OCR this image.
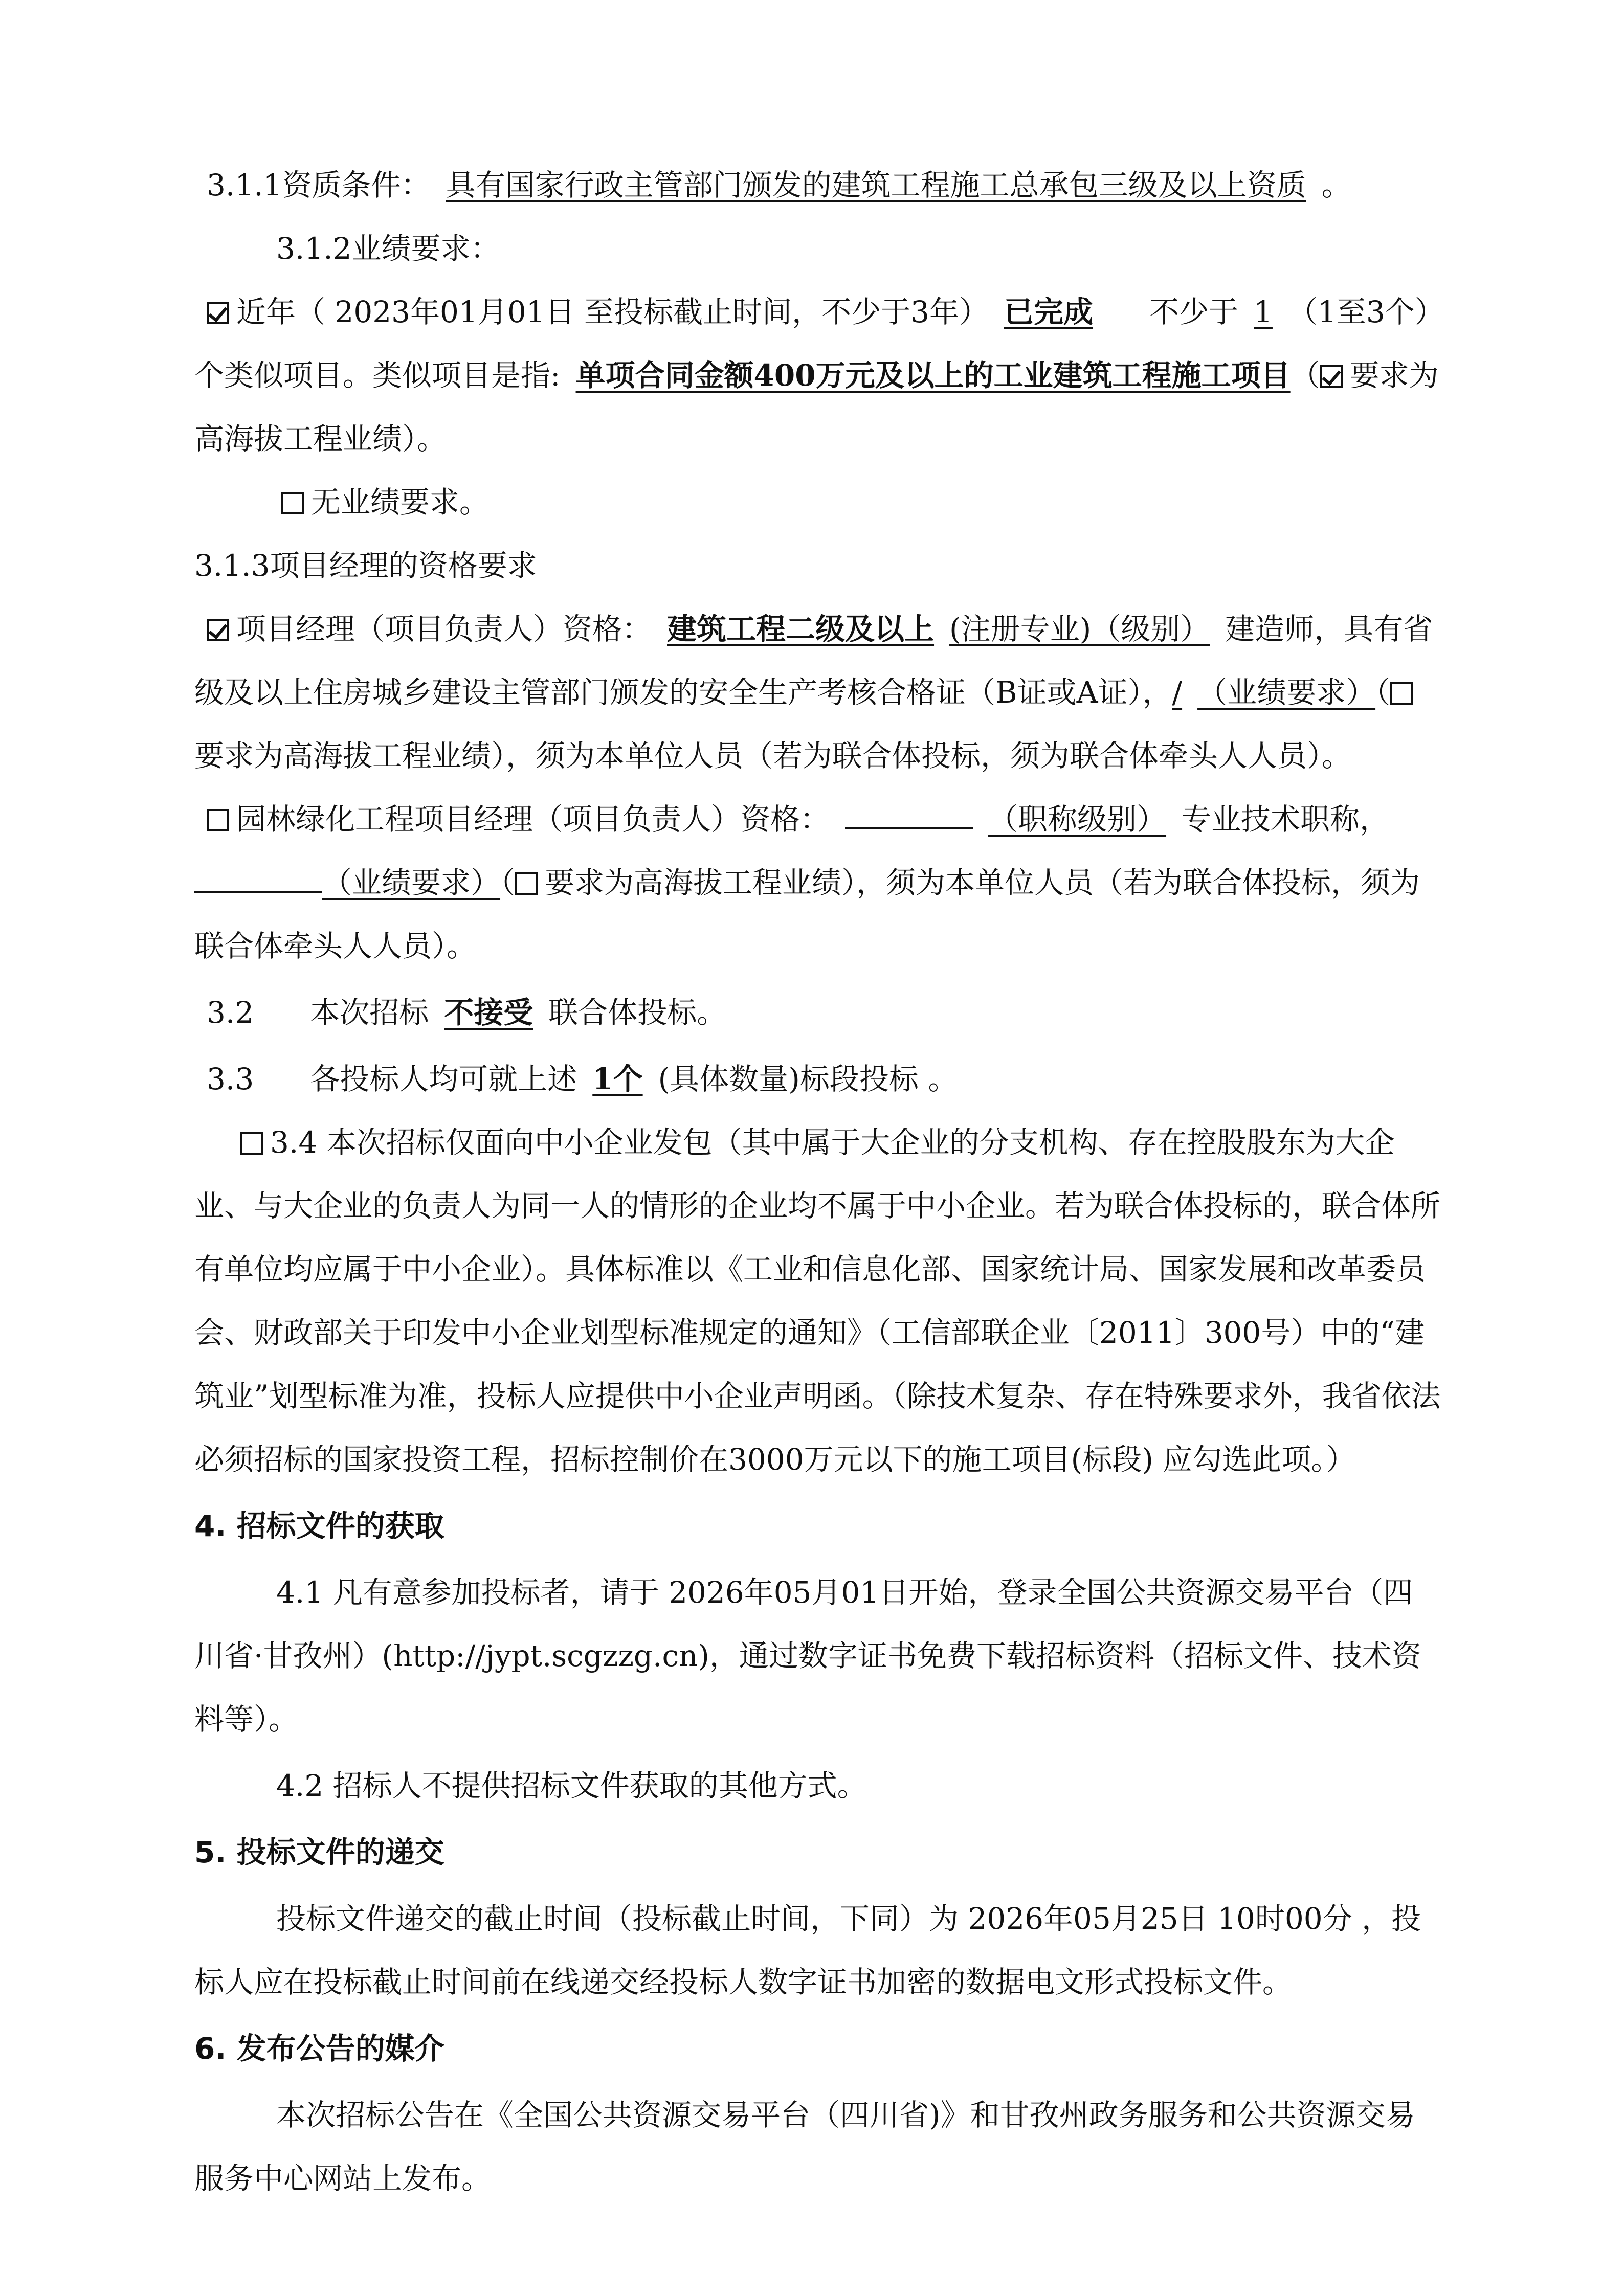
3.1.1资质条件： 具有国家行政主管部门颁发的建筑工程施工总承包三级及以上资质 。

3.1.2业绩要求：

近年（ 2023年01月01日 至投标截止时间，不少于3年） 已完成 不少于 1 （1至3个）个类似项目。类似项目是指: 单项合同金额400万元及以上的工业建筑工程施工项目（ 要求为高海拔工程业绩）。

无业绩要求。

3.1.3项目经理的资格要求

项目经理（项目负责人）资格： 建筑工程二级及以上 (注册专业)（级别） 建造师，具有省级及以上住房城乡建设主管部门颁发的安全生产考核合格证（B证或A证），/ （业绩要求）（要求为高海拔工程业绩），须为本单位人员（若为联合体投标，须为联合体牵头人人员）。

园林绿化工程项目经理（项目负责人）资格：	（职称级别） 专业技术职称，（业绩要求）（ 要求为高海拔工程业绩），须为本单位人员（若为联合体投标，须为联合体牵头人人员）。

3.2 本次招标 不接受 联合体投标。

3.3 各投标人均可就上述 1个 (具体数量)标段投标 。

3.4 本次招标仅面向中小企业发包（其中属于大企业的分支机构、存在控股股东为大企业、与大企业的负责人为同一人的情形的企业均不属于中小企业。若为联合体投标的，联合体所有单位均应属于中小企业）。具体标准以《工业和信息化部、国家统计局、国家发展和改革委员会、财政部关于印发中小企业划型标准规定的通知》（工信部联企业〔2011〕300号）中的“建筑业”划型标准为准，投标人应提供中小企业声明函。（除技术复杂、存在特殊要求外，我省依法必须招标的国家投资工程，招标控制价在3000万元以下的施工项目(标段) 应勾选此项。）

4. 招标文件的获取

4.1 凡有意参加投标者，请于 2026年05月01日开始，登录全国公共资源交易平台（四川省·甘孜州）(http://jypt.scgzzg.cn)，通过数字证书免费下载招标资料（招标文件、技术资料等）。

4.2 招标人不提供招标文件获取的其他方式。

5. 投标文件的递交

投标文件递交的截止时间（投标截止时间，下同）为 2026年05月25日 10时00分 ，投标人应在投标截止时间前在线递交经投标人数字证书加密的数据电文形式投标文件。

6. 发布公告的媒介

本次招标公告在《全国公共资源交易平台（四川省)》和甘孜州政务服务和公共资源交易服务中心网站上发布。
